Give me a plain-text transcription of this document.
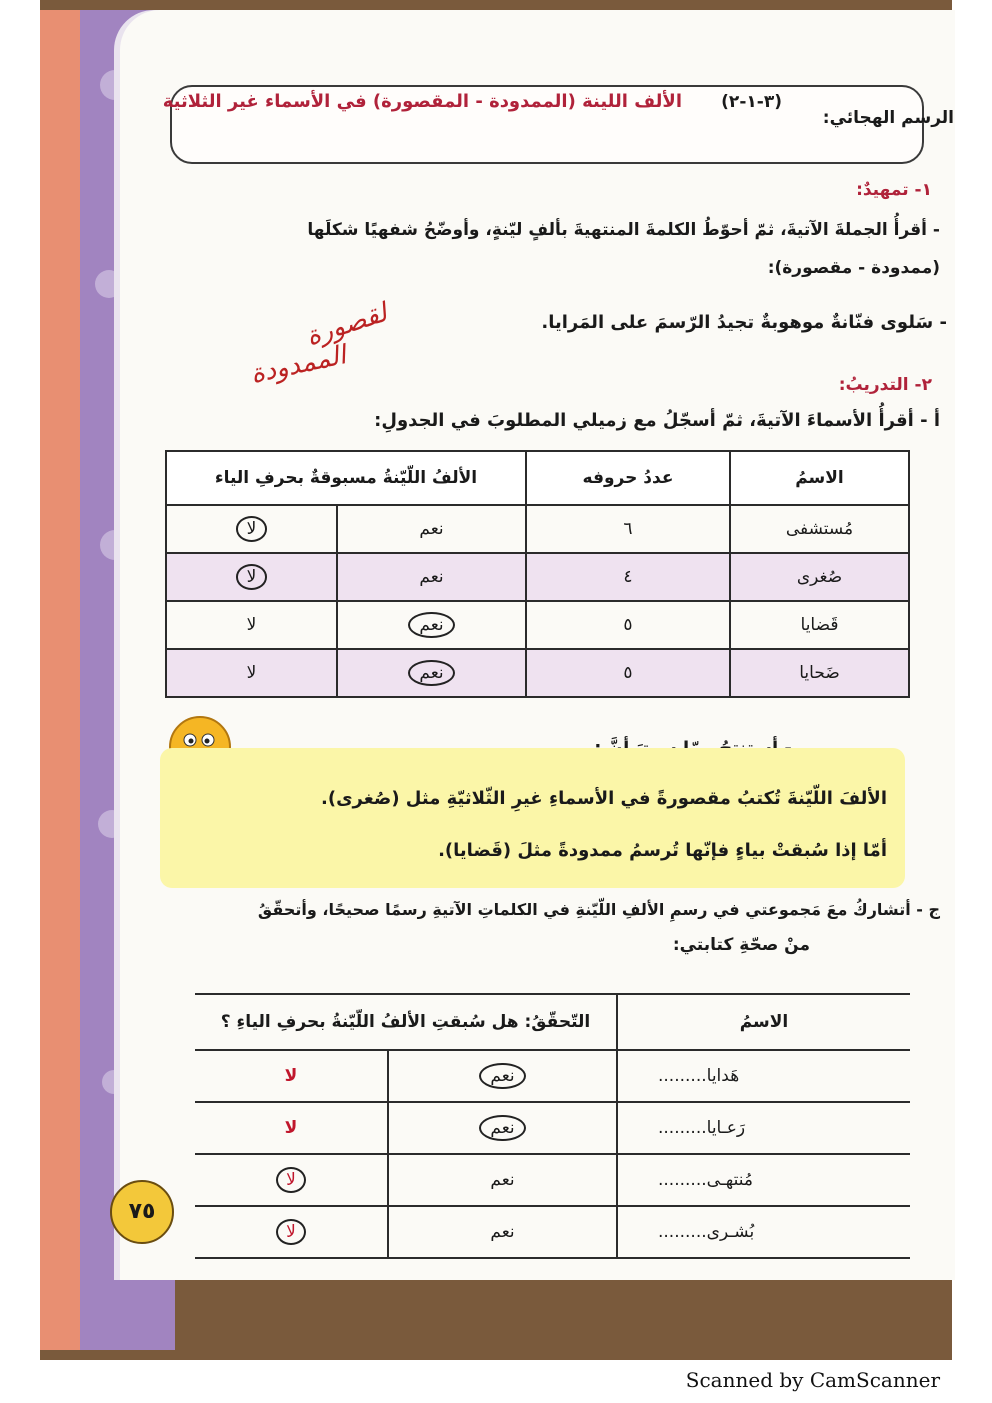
الرسم الهجائي:
(٣-١-٢)
الألف اللينة (الممدودة - المقصورة) في الأسماء غير الثلاثية
١- تمهيدٌ:
- أقرأُ الجملةَ الآتيةَ، ثمّ أحوّطُ الكلمةَ المنتهيةَ بألفٍ ليّنةٍ، وأوضّحُ شفهيًا شكلَها
(ممدودة - مقصورة):
- سَلوى فنّانةٌ موهوبةٌ تجيدُ الرّسمَ على المَرايا.
لقصورة
الممدودة	٢- التدريبُ:
أ - أقرأُ الأسماءَ الآتيةَ، ثمّ أسجّلُ مع زميلي المطلوبَ في الجدولِ:
الاسمُ	عددُ حروفه	الألفُ اللّيّنةُ مسبوقةٌ بحرفِ الياء	
مُستشفى	٦	نعم	لا
صُغرى	٤	نعم	لا
قَضايا	٥	نعم	لا
ضَحايا	٥	نعم	لا
الألفَ اللّيّنةَ تُكتبُ مقصورةً في الأسماءِ غيرِ الثّلاثيّةِ مثل (صُغرى).
أمّا إذا سُبقتْ بياءٍ فإنّها تُرسمُ ممدودةً مثلَ (قَضايا).
ج - أتشاركُ معَ مَجموعتي في رسمِ الألفِ اللّيّنةِ في الكلماتِ الآتيةِ رسمًا صحيحًا، وأتحقّقُ
منْ صحّةِ كتابتي:
الاسمُ	التّحقّقُ: هل سُبقتِ الألفُ اللّيّنةُ بحرفِ الياءِ ؟	
هَدايا.........	نعم	لا
رَعـايا.........	نعم	لا
مُنتهـى.........	نعم	لا
بُشـرى.........	نعم	لا
٧٥
Scanned by CamScanner
